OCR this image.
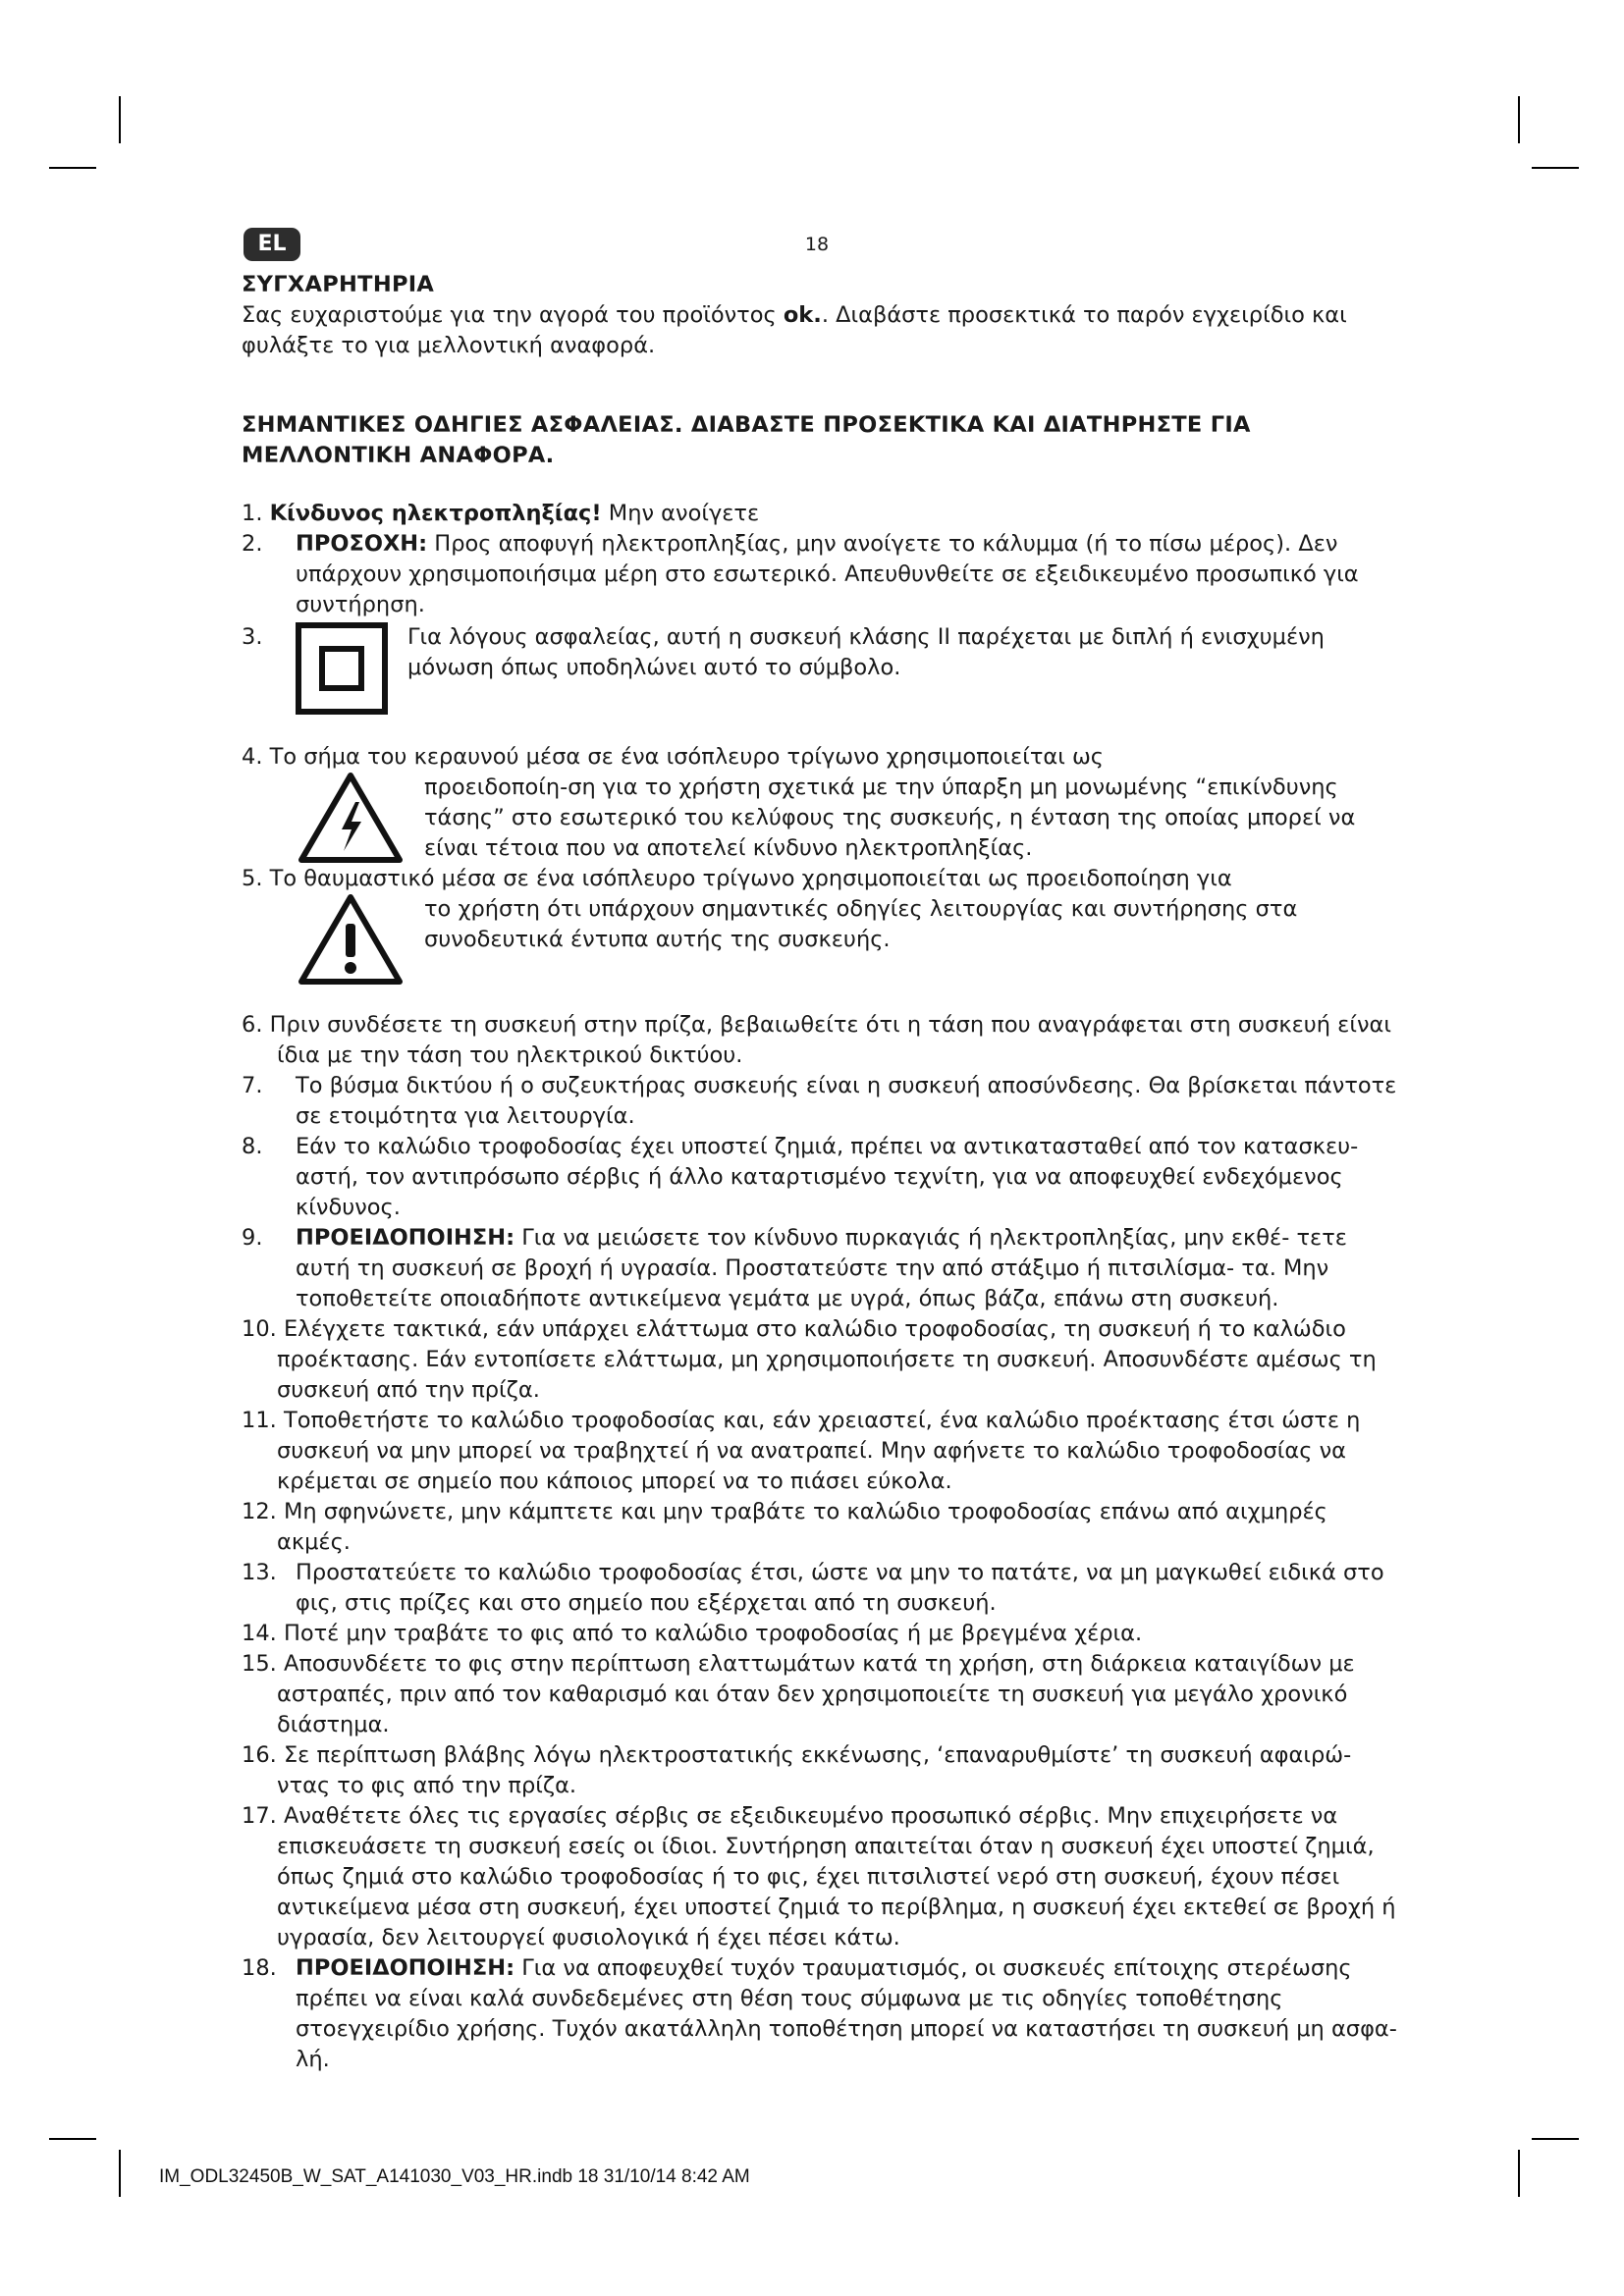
EL	18
ΣΥΓΧΑΡΗΤΗΡΙΑ

Σας ευχαριστούμε για την αγορά του προϊόντος ok.. Διαβάστε προσεκτικά το παρόν εγχειρίδιο και φυλάξτε το για μελλοντική αναφορά.

ΣΗΜΑΝΤΙΚΕΣ ΟΔΗΓΙΕΣ ΑΣΦΑΛΕΙΑΣ. ΔΙΑΒΑΣΤΕ ΠΡΟΣΕΚΤΙΚΑ ΚΑΙ ΔΙΑΤΗΡΗΣΤΕ ΓΙΑ ΜΕΛΛΟΝΤΙΚΗ ΑΝΑΦΟΡΑ.

1. Κίνδυνος ηλεκτροπληξίας! Μην ανοίγετε

2.	ΠΡΟΣΟΧΗ: Προς αποφυγή ηλεκτροπληξίας, μην ανοίγετε το κάλυμμα (ή το πίσω μέρος). Δεν υπάρχουν χρησιμοποιήσιμα μέρη στο εσωτερικό. Απευθυνθείτε σε εξειδικευμένο προσωπικό για συντήρηση.

3.	Για λόγους ασφαλείας, αυτή η συσκευή κλάσης II παρέχεται με διπλή ή ενισχυμένη μόνωση όπως υποδηλώνει αυτό το σύμβολο.

4. Το σήμα του κεραυνού μέσα σε ένα ισόπλευρο τρίγωνο χρησιμοποιείται ως

προειδοποίη-ση για το χρήστη σχετικά με την ύπαρξη μη μονωμένης “επικίνδυνης τάσης” στο εσωτερικό του κελύφους της συσκευής, η ένταση της οποίας μπορεί να είναι τέτοια που να αποτελεί κίνδυνο ηλεκτροπληξίας.

5. Το θαυμαστικό μέσα σε ένα ισόπλευρο τρίγωνο χρησιμοποιείται ως προειδοποίηση για

το χρήστη ότι υπάρχουν σημαντικές οδηγίες λειτουργίας και συντήρησης στα συνοδευτικά έντυπα αυτής της συσκευής.

6. Πριν συνδέσετε τη συσκευή στην πρίζα, βεβαιωθείτε ότι η τάση που αναγράφεται στη συσκευή είναι ίδια με την τάση του ηλεκτρικού δικτύου.

7.	Το βύσμα δικτύου ή ο συζευκτήρας συσκευής είναι η συσκευή αποσύνδεσης. Θα βρίσκεται πάντοτε σε ετοιμότητα για λειτουργία.

8.	Εάν το καλώδιο τροφοδοσίας έχει υποστεί ζημιά, πρέπει να αντικατασταθεί από τον κατασκευ-αστή, τον αντιπρόσωπο σέρβις ή άλλο καταρτισμένο τεχνίτη, για να αποφευχθεί ενδεχόμενος κίνδυνος.

9.	ΠΡΟΕΙΔΟΠΟΙΗΣΗ: Για να μειώσετε τον κίνδυνο πυρκαγιάς ή ηλεκτροπληξίας, μην εκθέ- τετε αυτή τη συσκευή σε βροχή ή υγρασία. Προστατεύστε την από στάξιμο ή πιτσιλίσμα- τα. Μην τοποθετείτε οποιαδήποτε αντικείμενα γεμάτα με υγρά, όπως βάζα, επάνω στη συσκευή.

10. Ελέγχετε τακτικά, εάν υπάρχει ελάττωμα στο καλώδιο τροφοδοσίας, τη συσκευή ή το καλώδιο προέκτασης. Εάν εντοπίσετε ελάττωμα, μη χρησιμοποιήσετε τη συσκευή. Αποσυνδέστε αμέσως τη συσκευή από την πρίζα.

11. Τοποθετήστε το καλώδιο τροφοδοσίας και, εάν χρειαστεί, ένα καλώδιο προέκτασης έτσι ώστε η συσκευή να μην μπορεί να τραβηχτεί ή να ανατραπεί. Μην αφήνετε το καλώδιο τροφοδοσίας να κρέμεται σε σημείο που κάποιος μπορεί να το πιάσει εύκολα.

12. Μη σφηνώνετε, μην κάμπτετε και μην τραβάτε το καλώδιο τροφοδοσίας επάνω από αιχμηρές ακμές.

13. Προστατεύετε το καλώδιο τροφοδοσίας έτσι, ώστε να μην το πατάτε, να μη μαγκωθεί ειδικά στο φις, στις πρίζες και στο σημείο που εξέρχεται από τη συσκευή.

14. Ποτέ μην τραβάτε το φις από το καλώδιο τροφοδοσίας ή με βρεγμένα χέρια.

15. Αποσυνδέετε το φις στην περίπτωση ελαττωμάτων κατά τη χρήση, στη διάρκεια καταιγίδων με αστραπές, πριν από τον καθαρισμό και όταν δεν χρησιμοποιείτε τη συσκευή για μεγάλο χρονικό διάστημα.

16. Σε περίπτωση βλάβης λόγω ηλεκτροστατικής εκκένωσης, ‘επαναρυθμίστε’ τη συσκευή αφαιρώ- ντας το φις από την πρίζα.

17. Αναθέτετε όλες τις εργασίες σέρβις σε εξειδικευμένο προσωπικό σέρβις. Μην επιχειρήσετε να επισκευάσετε τη συσκευή εσείς οι ίδιοι. Συντήρηση απαιτείται όταν η συσκευή έχει υποστεί ζημιά, όπως ζημιά στο καλώδιο τροφοδοσίας ή το φις, έχει πιτσιλιστεί νερό στη συσκευή, έχουν πέσει αντικείμενα μέσα στη συσκευή, έχει υποστεί ζημιά το περίβλημα, η συσκευή έχει εκτεθεί σε βροχή ή υγρασία, δεν λειτουργεί φυσιολογικά ή έχει πέσει κάτω.

18. ΠΡΟΕΙΔΟΠΟΙΗΣΗ: Για να αποφευχθεί τυχόν τραυματισμός, οι συσκευές επίτοιχης στερέωσης πρέπει να είναι καλά συνδεδεμένες στη θέση τους σύμφωνα με τις οδηγίες τοποθέτησης στοεγχειρίδιο χρήσης. Τυχόν ακατάλληλη τοποθέτηση μπορεί να καταστήσει τη συσκευή μη ασφα- λή.

IM_ODL32450B_W_SAT_A141030_V03_HR.indb 18 31/10/14 8:42 AM
